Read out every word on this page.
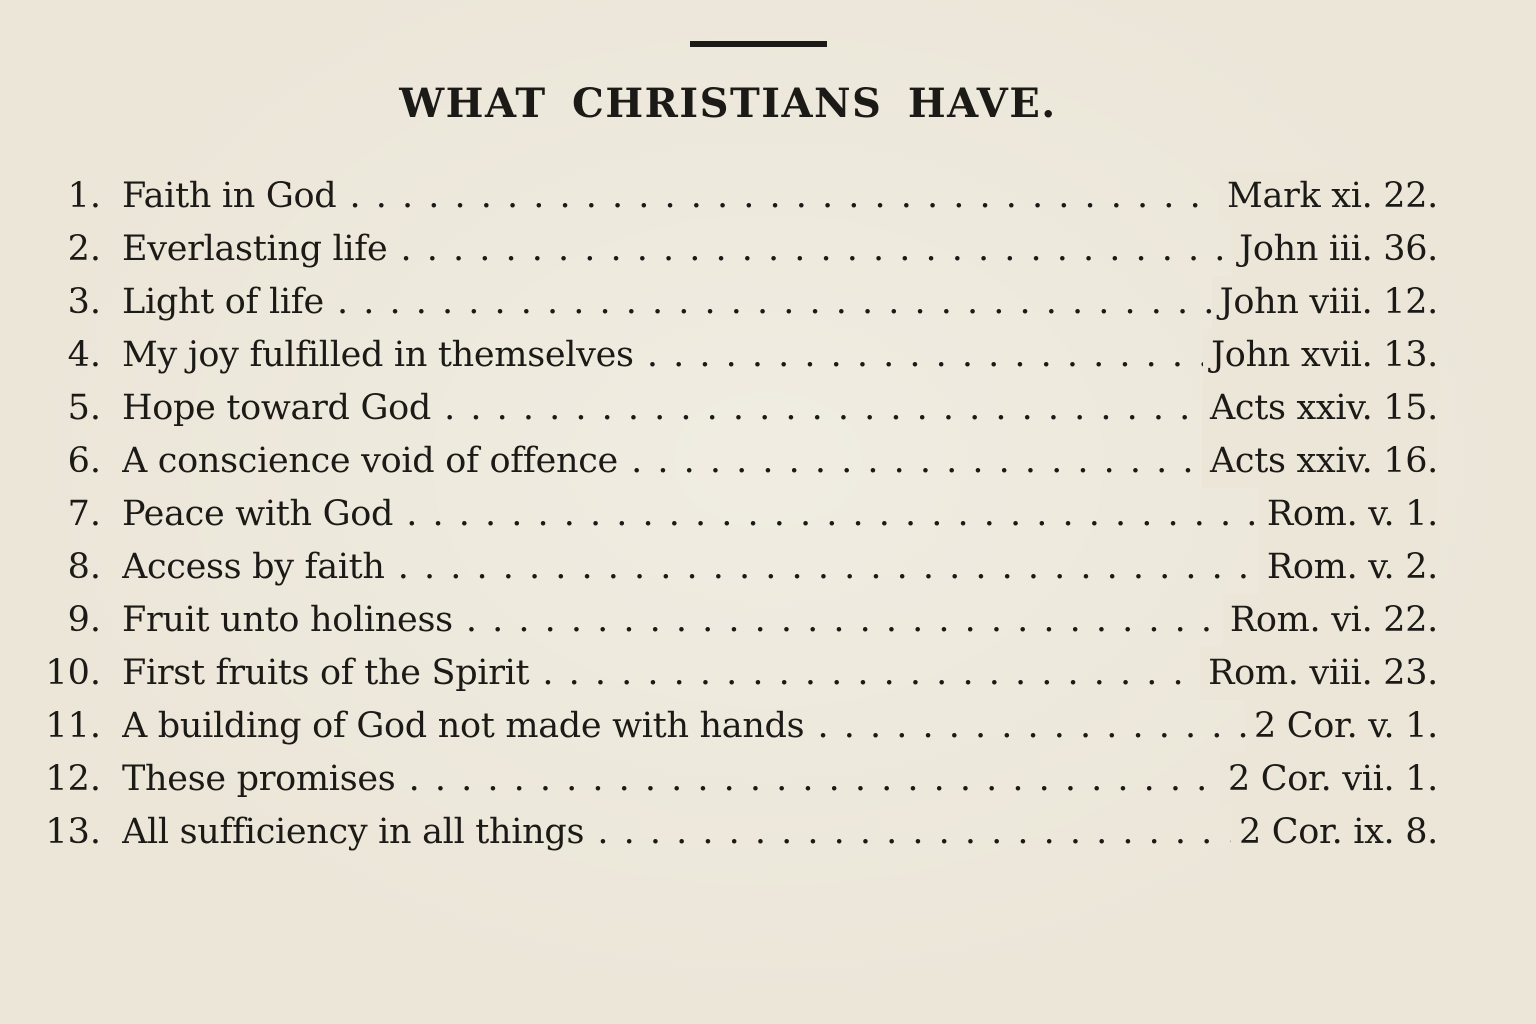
WHAT CHRISTIANS HAVE.
1. Faith in God . . .	Mark xi. 22.
2. Everlasting life . . .	John iii. 36.
3. Light of life . . .	John viii. 12.
4. My joy fulfilled in themselves . . .	John xvii. 13.
5. Hope toward God . . .	Acts xxiv. 15.
6. A conscience void of offence . . .	Acts xxiv. 16.
7. Peace with God . . .	Rom. v. 1.
8. Access by faith . . .	Rom. v. 2.
9. Fruit unto holiness . . .	Rom. vi. 22.
10. First fruits of the Spirit . . .	Rom. viii. 23.
11. A building of God not made with hands . . .	2 Cor. v. 1.
12. These promises . . .	2 Cor. vii. 1.
13. All sufficiency in all things . . .	2 Cor. ix. 8.
